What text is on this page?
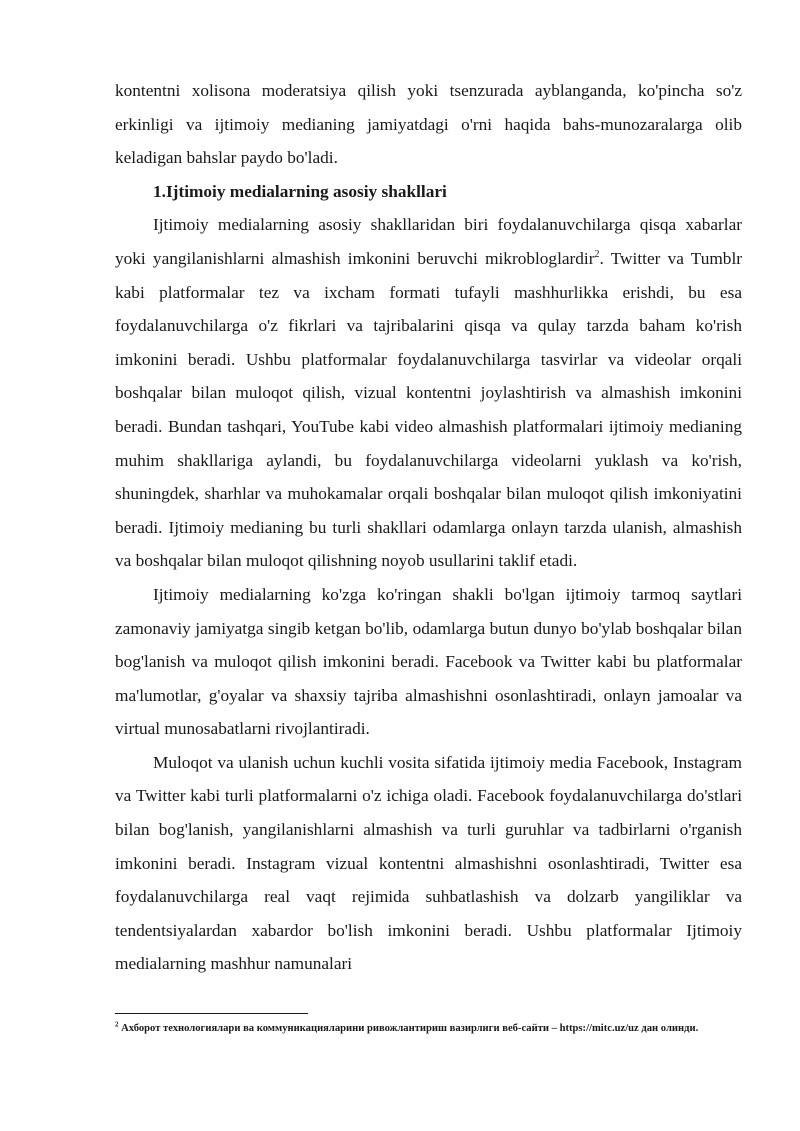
kontentni xolisona moderatsiya qilish yoki tsenzurada ayblanganda, ko'pincha so'z erkinligi va ijtimoiy medianing jamiyatdagi o'rni haqida bahs-munozaralarga olib keladigan bahslar paydo bo'ladi.

1.Ijtimoiy medialarning asosiy shakllari

Ijtimoiy medialarning asosiy shakllaridan biri foydalanuvchilarga qisqa xabarlar yoki yangilanishlarni almashish imkonini beruvchi mikrobloglardir$^2$. Twitter va Tumblr kabi platformalar tez va ixcham formati tufayli mashhurlikka erishdi, bu esa foydalanuvchilarga o'z fikrlari va tajribalarini qisqa va qulay tarzda baham ko'rish imkonini beradi. Ushbu platformalar foydalanuvchilarga tasvirlar va videolar orqali boshqalar bilan muloqot qilish, vizual kontentni joylashtirish va almashish imkonini beradi. Bundan tashqari, YouTube kabi video almashish platformalari ijtimoiy medianing muhim shakllariga aylandi, bu foydalanuvchilarga videolarni yuklash va ko'rish, shuningdek, sharhlar va muhokamalar orqali boshqalar bilan muloqot qilish imkoniyatini beradi. Ijtimoiy medianing bu turli shakllari odamlarga onlayn tarzda ulanish, almashish va boshqalar bilan muloqot qilishning noyob usullarini taklif etadi.

Ijtimoiy medialarning ko'zga ko'ringan shakli bo'lgan ijtimoiy tarmoq saytlari zamonaviy jamiyatga singib ketgan bo'lib, odamlarga butun dunyo bo'ylab boshqalar bilan bog'lanish va muloqot qilish imkonini beradi. Facebook va Twitter kabi bu platformalar ma'lumotlar, g'oyalar va shaxsiy tajriba almashishni osonlashtiradi, onlayn jamoalar va virtual munosabatlarni rivojlantiradi.

Muloqot va ulanish uchun kuchli vosita sifatida ijtimoiy media Facebook, Instagram va Twitter kabi turli platformalarni o'z ichiga oladi. Facebook foydalanuvchilarga do'stlari bilan bog'lanish, yangilanishlarni almashish va turli guruhlar va tadbirlarni o'rganish imkonini beradi. Instagram vizual kontentni almashishni osonlashtiradi, Twitter esa foydalanuvchilarga real vaqt rejimida suhbatlashish va dolzarb yangiliklar va tendentsiyalardan xabardor bo'lish imkonini beradi. Ushbu platformalar Ijtimoiy medialarning mashhur namunalari

$^2$ Ахборот технологиялари ва коммуникацияларини ривожлантириш вазирлиги веб-сайти – https://mitc.uz/uz дан олинди.
